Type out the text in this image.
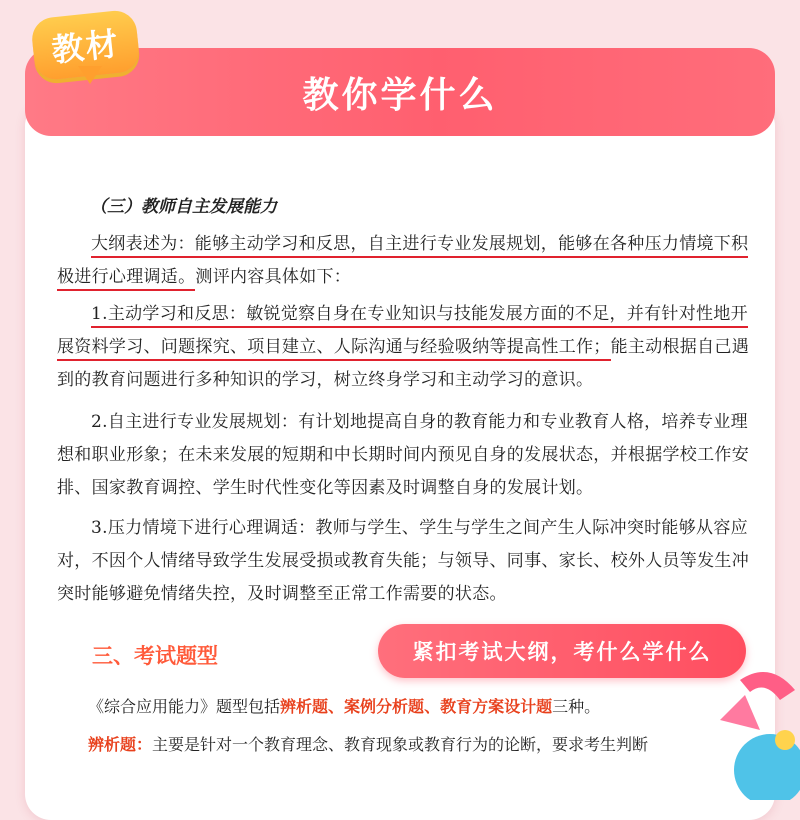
教你学什么
教材
（三）教师自主发展能力
大纲表述为：能够主动学习和反思，自主进行专业发展规划，能够在各种压力情境下积极进行心理调适。测评内容具体如下：
1.主动学习和反思：敏锐觉察自身在专业知识与技能发展方面的不足，并有针对性地开展资料学习、问题探究、项目建立、人际沟通与经验吸纳等提高性工作；能主动根据自己遇到的教育问题进行多种知识的学习，树立终身学习和主动学习的意识。
2.自主进行专业发展规划：有计划地提高自身的教育能力和专业教育人格，培养专业理想和职业形象；在未来发展的短期和中长期时间内预见自身的发展状态，并根据学校工作安排、国家教育调控、学生时代性变化等因素及时调整自身的发展计划。
3.压力情境下进行心理调适：教师与学生、学生与学生之间产生人际冲突时能够从容应对，不因个人情绪导致学生发展受损或教育失能；与领导、同事、家长、校外人员等发生冲突时能够避免情绪失控，及时调整至正常工作需要的状态。
三、考试题型	紧扣考试大纲，考什么学什么
《综合应用能力》题型包括辨析题、案例分析题、教育方案设计题三种。
辨析题：主要是针对一个教育理念、教育现象或教育行为的论断，要求考生判断
